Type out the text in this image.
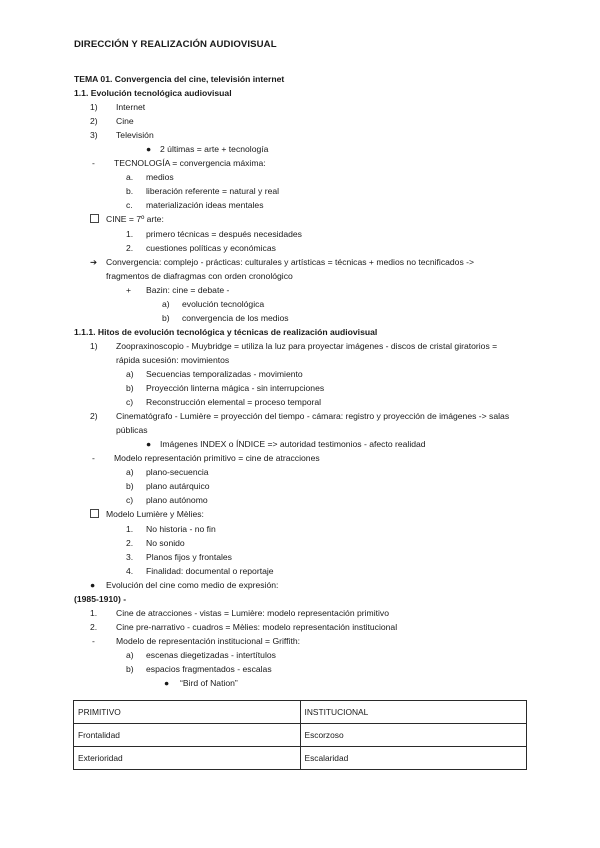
DIRECCIÓN Y REALIZACIÓN AUDIOVISUAL
TEMA 01. Convergencia del cine, televisión internet
1.1. Evolución tecnológica audiovisual
1)	Internet
2)	Cine
3)	Televisión
●	2 últimas = arte + tecnología
-	TECNOLOGÍA = convergencia máxima:
a.	medios
b.	liberación referente = natural y real
c.	materialización ideas mentales
CINE = 7º arte:
1.	primero técnicas = después necesidades
2.	cuestiones políticas y económicas
➔	Convergencia: complejo - prácticas: culturales y artísticas = técnicas + medios no tecnificados ->
fragmentos de diafragmas con orden cronológico
+	Bazin: cine = debate -
a)	evolución tecnológica
b)	convergencia de los medios
1.1.1. Hitos de evolución tecnológica y técnicas de realización audiovisual
1)	Zoopraxinoscopio - Muybridge = utiliza la luz para proyectar imágenes - discos de cristal giratorios =
rápida sucesión: movimientos
a)	Secuencias temporalizadas - movimiento
b)	Proyección linterna mágica - sin interrupciones
c)	Reconstrucción elemental = proceso temporal
2)	Cinematógrafo - Lumière = proyección del tiempo - cámara: registro y proyección de imágenes -> salas
públicas
●	Imágenes INDEX o ÍNDICE => autoridad testimonios - afecto realidad
-	Modelo representación primitivo = cine de atracciones
a)	plano-secuencia
b)	plano autárquico
c)	plano autónomo
Modelo Lumière y Mèlies:
1.	No historia - no fin
2.	No sonido
3.	Planos fijos y frontales
4.	Finalidad: documental o reportaje
●	Evolución del cine como medio de expresión:
(1985-1910) -
1.	Cine de atracciones - vistas = Lumière: modelo representación primitivo
2.	Cine pre-narrativo - cuadros = Mèlies: modelo representación institucional
-	Modelo de representación institucional = Griffith:
a)	escenas diegetizadas - intertítulos
b)	espacios fragmentados - escalas
●	“Bird of Nation”
PRIMITIVO	INSTITUCIONAL
Frontalidad	Escorzoso
Exterioridad	Escalaridad
